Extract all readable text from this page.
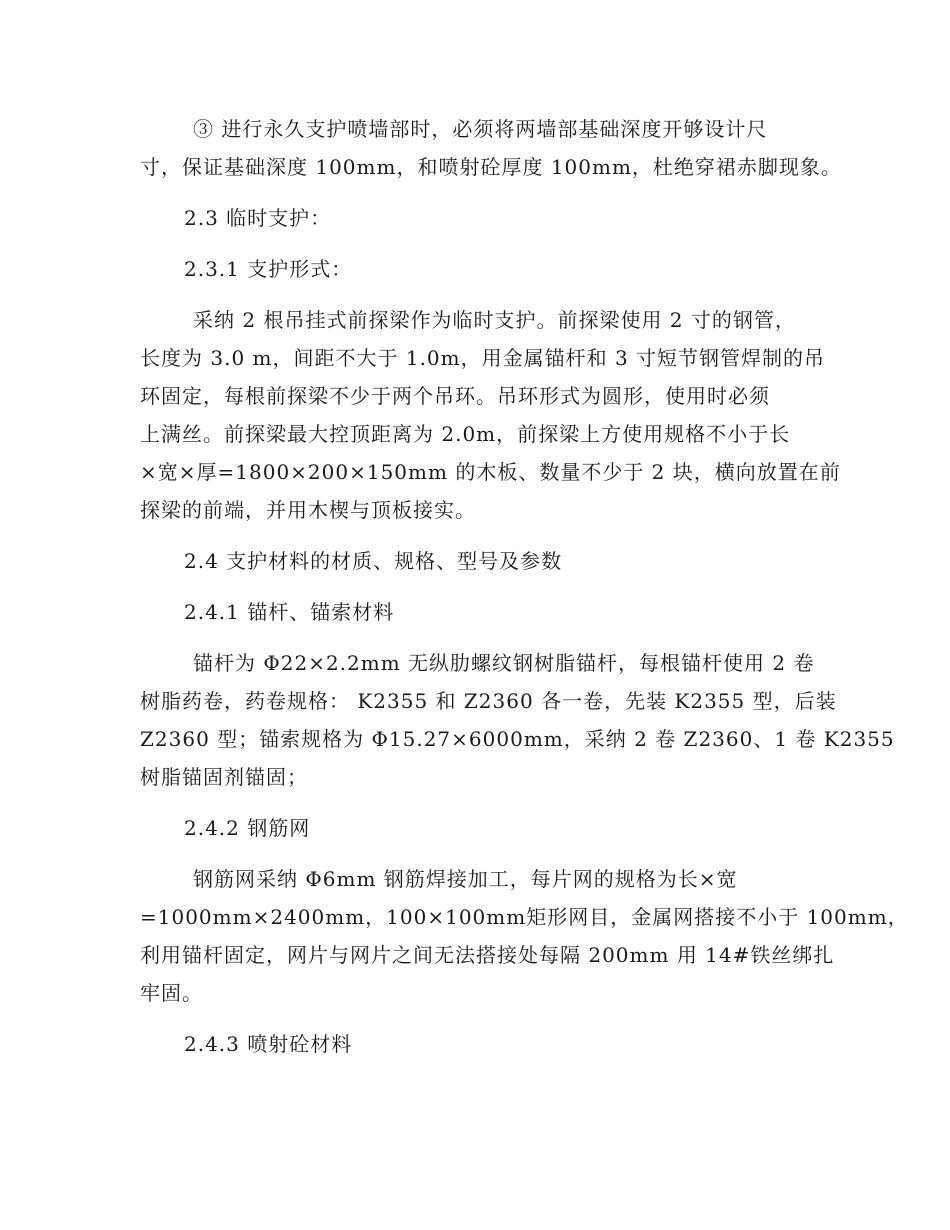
③ 进行永久支护喷墙部时，必须将两墙部基础深度开够设计尺
寸，保证基础深度 100mm，和喷射砼厚度 100mm，杜绝穿裙赤脚现象。
2.3 临时支护：
2.3.1 支护形式：
采纳 2 根吊挂式前探梁作为临时支护。前探梁使用 2 寸的钢管，
长度为 3.0 m，间距不大于 1.0m，用金属锚杆和 3 寸短节钢管焊制的吊
环固定，每根前探梁不少于两个吊环。吊环形式为圆形，使用时必须
上满丝。前探梁最大控顶距离为 2.0m，前探梁上方使用规格不小于长
×宽×厚=1800×200×150mm 的木板、数量不少于 2 块，横向放置在前
探梁的前端，并用木楔与顶板接实。
2.4 支护材料的材质、规格、型号及参数
2.4.1 锚杆、锚索材料
锚杆为 Φ22×2.2mm 无纵肋螺纹钢树脂锚杆，每根锚杆使用 2 卷
树脂药卷，药卷规格： K2355 和 Z2360 各一卷，先装 K2355 型，后装
Z2360 型；锚索规格为 Φ15.27×6000mm，采纳 2 卷 Z2360、1 卷 K2355
树脂锚固剂锚固；
2.4.2 钢筋网
钢筋网采纳 Φ6mm 钢筋焊接加工，每片网的规格为长×宽
=1000mm×2400mm，100×100mm矩形网目，金属网搭接不小于 100mm，
利用锚杆固定，网片与网片之间无法搭接处每隔 200mm 用 14#铁丝绑扎
牢固。
2.4.3 喷射砼材料
